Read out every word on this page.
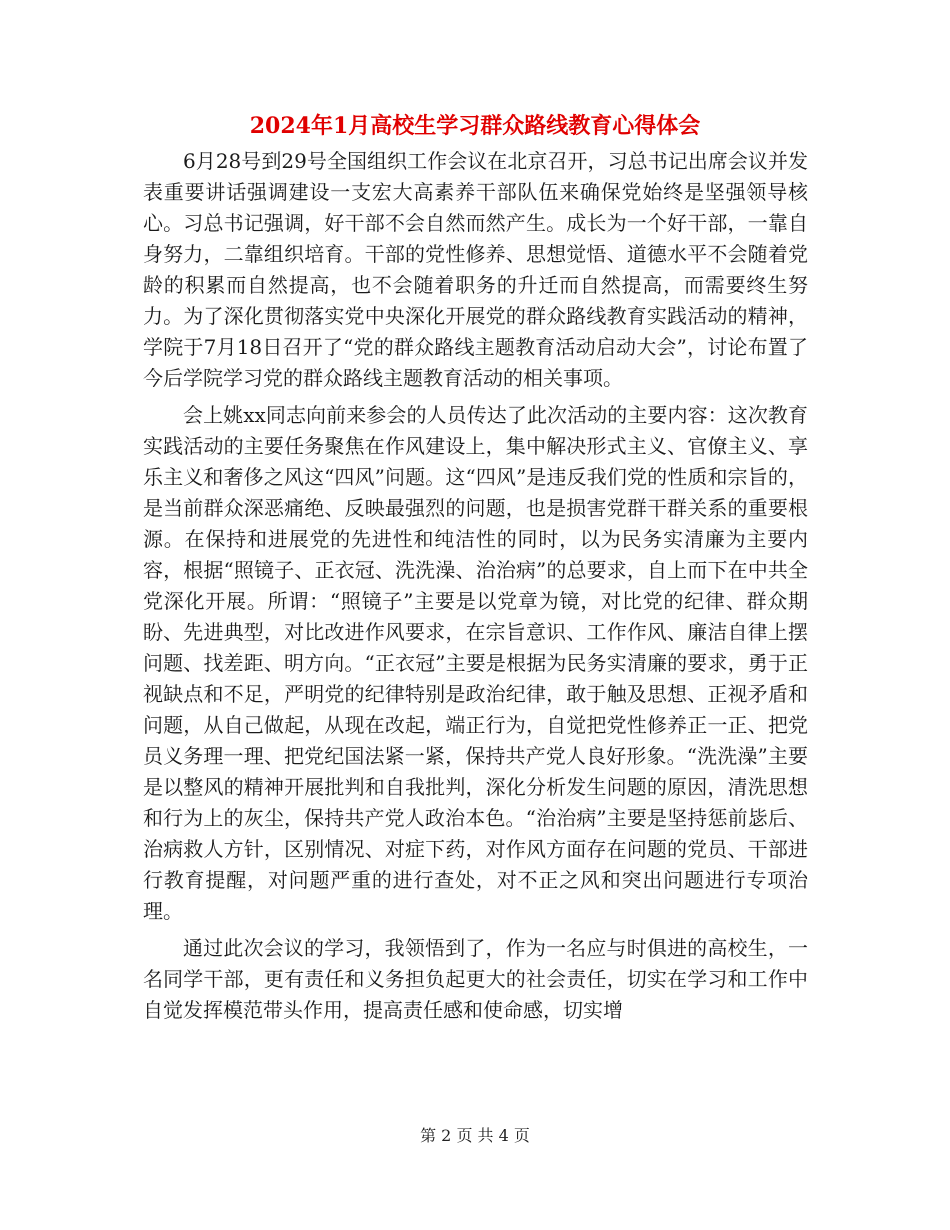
2024年1月高校生学习群众路线教育心得体会

6月28号到29号全国组织工作会议在北京召开，习总书记出席会议并发表重要讲话强调建设一支宏大高素养干部队伍来确保党始终是坚强领导核心。习总书记强调，好干部不会自然而然产生。成长为一个好干部，一靠自身努力，二靠组织培育。干部的党性修养、思想觉悟、道德水平不会随着党龄的积累而自然提高，也不会随着职务的升迁而自然提高，而需要终生努力。为了深化贯彻落实党中央深化开展党的群众路线教育实践活动的精神，学院于7月18日召开了“党的群众路线主题教育活动启动大会”，讨论布置了今后学院学习党的群众路线主题教育活动的相关事项。

会上姚xx同志向前来参会的人员传达了此次活动的主要内容：这次教育实践活动的主要任务聚焦在作风建设上，集中解决形式主义、官僚主义、享乐主义和奢侈之风这“四风”问题。这“四风”是违反我们党的性质和宗旨的，是当前群众深恶痛绝、反映最强烈的问题，也是损害党群干群关系的重要根源。在保持和进展党的先进性和纯洁性的同时，以为民务实清廉为主要内容，根据“照镜子、正衣冠、洗洗澡、治治病”的总要求，自上而下在中共全党深化开展。所谓：“照镜子”主要是以党章为镜，对比党的纪律、群众期盼、先进典型，对比改进作风要求，在宗旨意识、工作作风、廉洁自律上摆问题、找差距、明方向。“正衣冠”主要是根据为民务实清廉的要求，勇于正视缺点和不足，严明党的纪律特别是政治纪律，敢于触及思想、正视矛盾和问题，从自己做起，从现在改起，端正行为，自觉把党性修养正一正、把党员义务理一理、把党纪国法紧一紧，保持共产党人良好形象。“洗洗澡”主要是以整风的精神开展批判和自我批判，深化分析发生问题的原因，清洗思想和行为上的灰尘，保持共产党人政治本色。“治治病”主要是坚持惩前毖后、治病救人方针，区别情况、对症下药，对作风方面存在问题的党员、干部进行教育提醒，对问题严重的进行查处，对不正之风和突出问题进行专项治理。

通过此次会议的学习，我领悟到了，作为一名应与时俱进的高校生，一名同学干部，更有责任和义务担负起更大的社会责任，切实在学习和工作中自觉发挥模范带头作用，提高责任感和使命感，切实增

第 2 页 共 4 页
